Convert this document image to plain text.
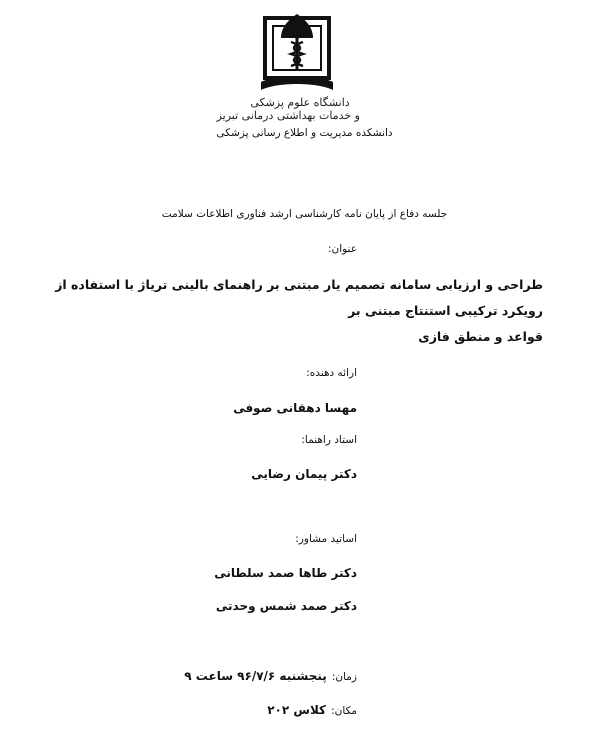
دانشگاه علوم پزشکی
و خدمات بهداشتی درمانی تبریز
دانشکده مدیریت و اطلاع رسانی پزشکی
جلسه دفاع از پایان نامه کارشناسی ارشد فناوری اطلاعات سلامت
عنوان:
طراحی و ارزیابی سامانه تصمیم یار مبتنی بر راهنمای بالینی تریاژ با استفاده از رویکرد ترکیبی استنتاج مبتنی بر
قواعد و منطق فازی
ارائه دهنده:
مهسا دهقانی صوفی
استاد راهنما:
دکتر پیمان رضایی
اساتید مشاور:
دکتر طاها صمد سلطانی
دکتر صمد شمس وحدتی
زمان: پنجشنبه ۹۶/۷/۶ ساعت ۹
مکان: کلاس ۲۰۲
